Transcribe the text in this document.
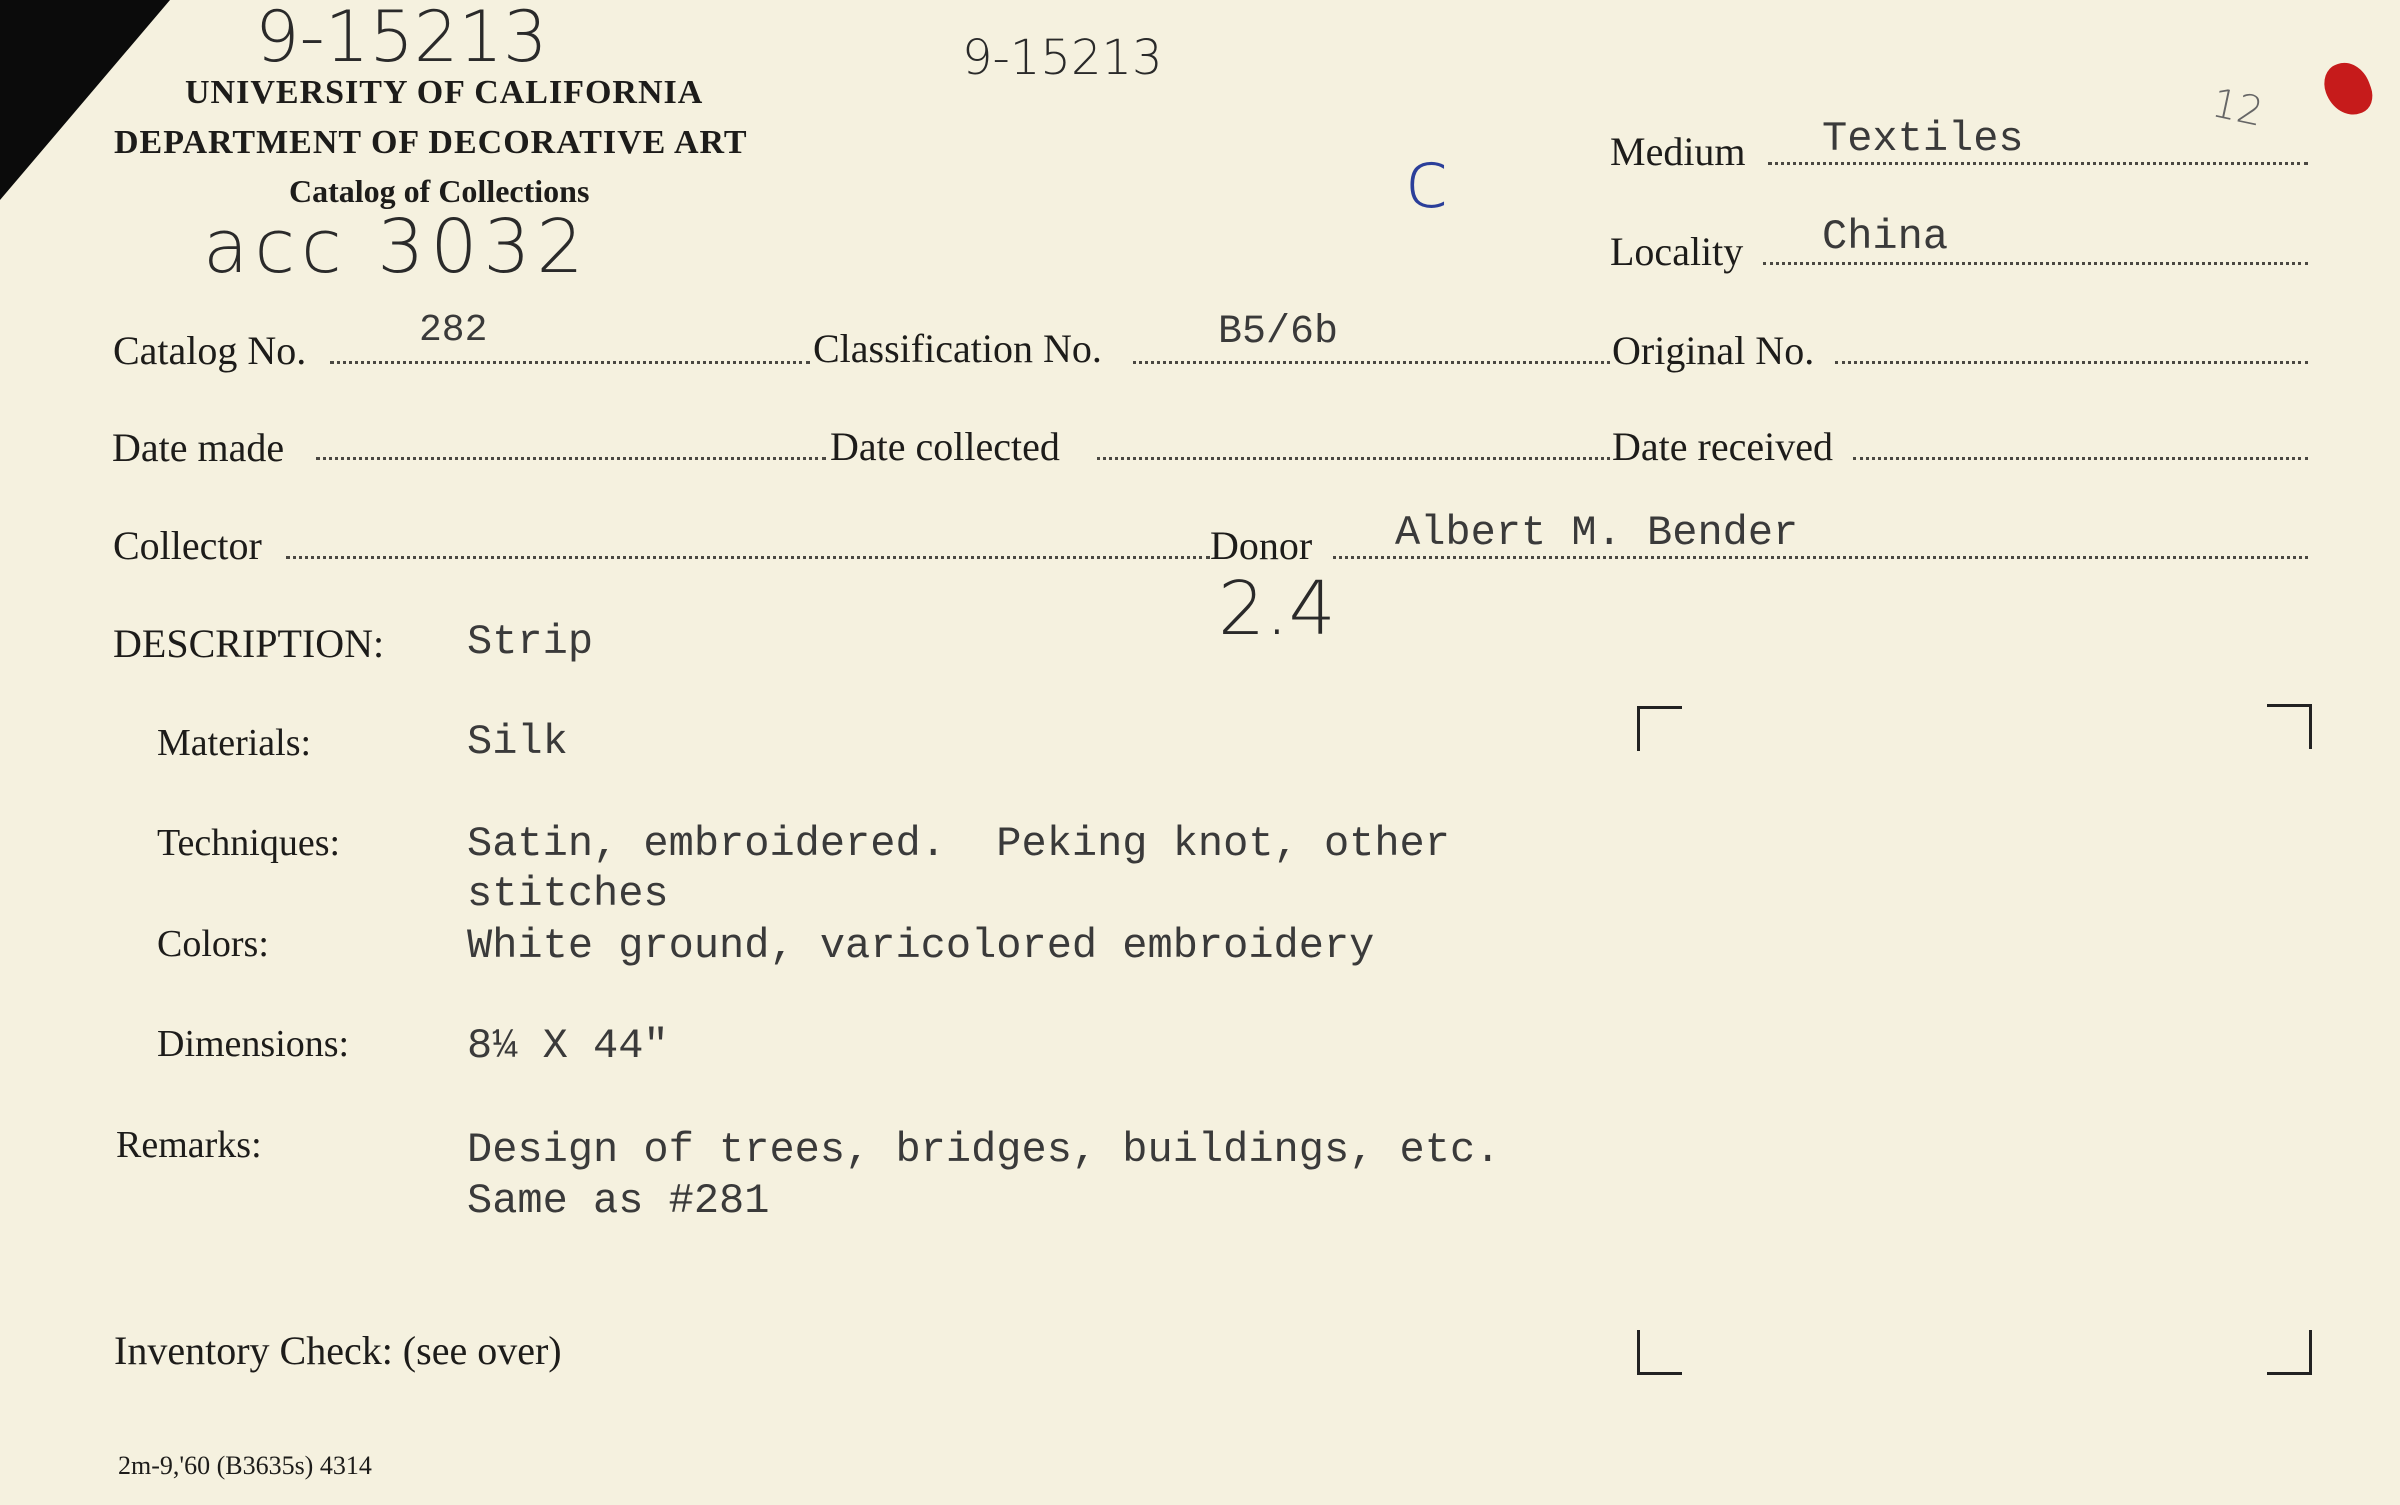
9-15213	9-15213
acc 3032
c
12
2.4
UNIVERSITY OF CALIFORNIA
DEPARTMENT OF DECORATIVE ART
Catalog of Collections
Medium Textiles
Locality China
Catalog No.	282	Classification No.	B5/6b	Original No.
Date made	Date collected	Date received
Collector	Donor Albert M. Bender
DESCRIPTION: Strip
Materials:	Silk
Techniques:	Satin, embroidered.  Peking knot, other
stitches
Colors:	White ground, varicolored embroidery
Dimensions:	8¼ X 44"
Remarks:	Design of trees, bridges, buildings, etc.
Same as #281
Inventory Check: (see over)
2m-9,'60 (B3635s) 4314
